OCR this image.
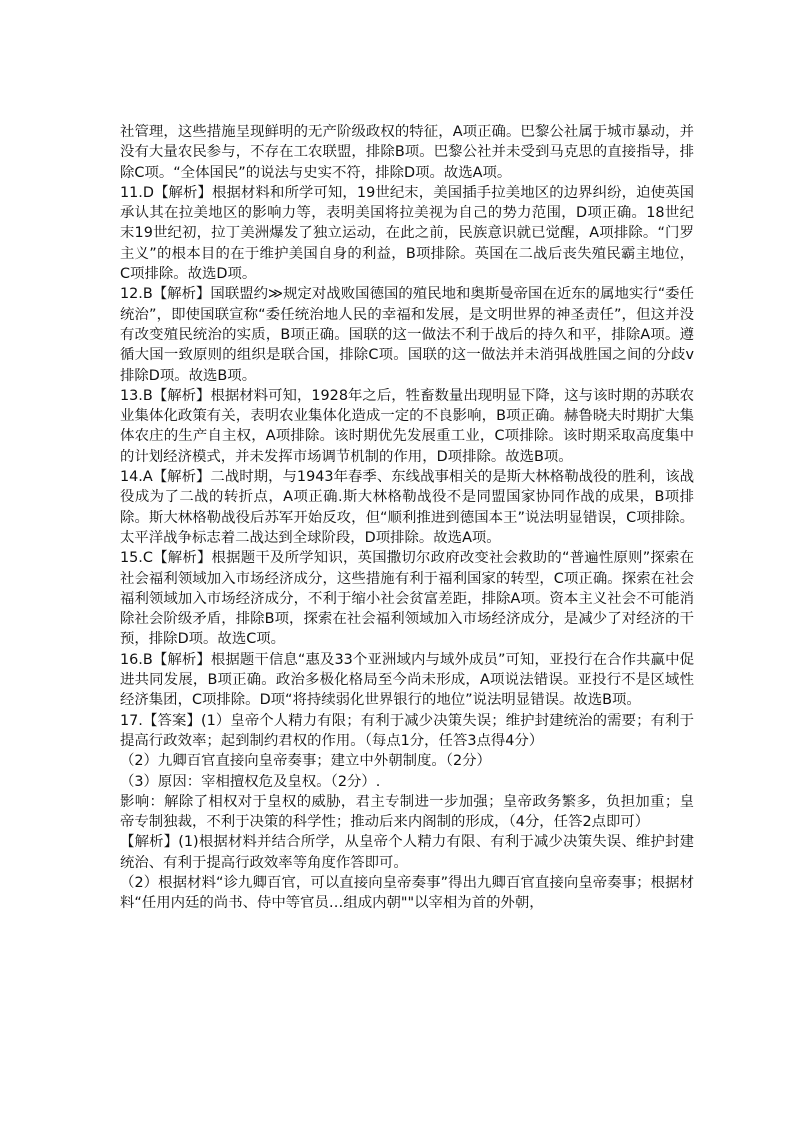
社管理，这些措施呈现鲜明的无产阶级政权的特征，A项正确。巴黎公社属于城市暴动，并没有大量农民参与，不存在工农联盟，排除B项。巴黎公社并未受到马克思的直接指导，排除C项。“全体国民”的说法与史实不符，排除D项。故选A项。

11.D【解析】根据材料和所学可知，19世纪末，美国插手拉美地区的边界纠纷，迫使英国承认其在拉美地区的影响力等，表明美国将拉美视为自己的势力范围，D项正确。18世纪末19世纪初，拉丁美洲爆发了独立运动，在此之前，民族意识就已觉醒，A项排除。“门罗主义”的根本目的在于维护美国自身的利益，B项排除。英国在二战后丧失殖民霸主地位，C项排除。故选D项。

12.B【解析】国联盟约≫规定对战败国德国的殖民地和奥斯曼帝国在近东的属地实行“委任统治”，即使国联宣称“委任统治地人民的幸福和发展，是文明世界的神圣责任”，但这并没有改变殖民统治的实质，B项正确。国联的这一做法不利于战后的持久和平，排除A项。遵循大国一致原则的组织是联合国，排除C项。国联的这一做法并未消弭战胜国之间的分歧v排除D项。故选B项。

13.B【解析】根据材料可知，1928年之后，牲畜数量出现明显下降，这与该时期的苏联农业集体化政策有关，表明农业集体化造成一定的不良影响，B项正确。赫鲁晓夫时期扩大集体农庄的生产自主权，A项排除。该时期优先发展重工业，C项排除。该时期采取高度集中的计划经济模式，并未发挥市场调节机制的作用，D项排除。故选B项。

14.A【解析】二战时期，与1943年春季、东线战事相关的是斯大林格勒战役的胜利，该战役成为了二战的转折点，A项正确.斯大林格勒战役不是同盟国家协同作战的成果，B项排除。斯大林格勒战役后苏军开始反攻，但“顺利推进到德国本王”说法明显错误，C项排除。太平洋战争标志着二战达到全球阶段，D项排除。故选A项。

15.C【解析】根据题干及所学知识，英国撒切尔政府改变社会救助的“普遍性原则”探索在社会福利领域加入市场经济成分，这些措施有利于福利国家的转型，C项正确。探索在社会福利领域加入市场经济成分，不利于缩小社会贫富差距，排除A项。资本主义社会不可能消除社会阶级矛盾，排除B项，探索在社会福利领域加入市场经济成分，是减少了对经济的干预，排除D项。故选C项。

16.B【解析】根据题干信息“惠及33个亚洲域内与域外成员”可知，亚投行在合作共赢中促进共同发展，B项正确。政治多极化格局至今尚未形成，A项说法错误。亚投行不是区域性经济集团，C项排除。D项“将持续弱化世界银行的地位”说法明显错误。故选B项。

17.【答案】(1）皇帝个人精力有限；有利于减少决策失误；维护封建统治的需要；有利于提高行政效率；起到制约君权的作用。（每点1分，任答3点得4分）

（2）九卿百官直接向皇帝奏事；建立中外朝制度。（2分）

（3）原因：宰相擅权危及皇权。（2分）.

影响：解除了相权对于皇权的威胁，君主专制进一步加强；皇帝政务繁多，负担加重；皇帝专制独裁，不利于决策的科学性；推动后来内阁制的形成，（4分，任答2点即可）

【解析】(1)根据材料并结合所学，从皇帝个人精力有限、有利于减少决策失误、维护封建统治、有利于提高行政效率等角度作答即可。

（2）根据材料“诊九卿百官，可以直接向皇帝奏事”得出九卿百官直接向皇帝奏事；根据材料“任用内廷的尚书、侍中等官员…组成内朝""以宰相为首的外朝，
